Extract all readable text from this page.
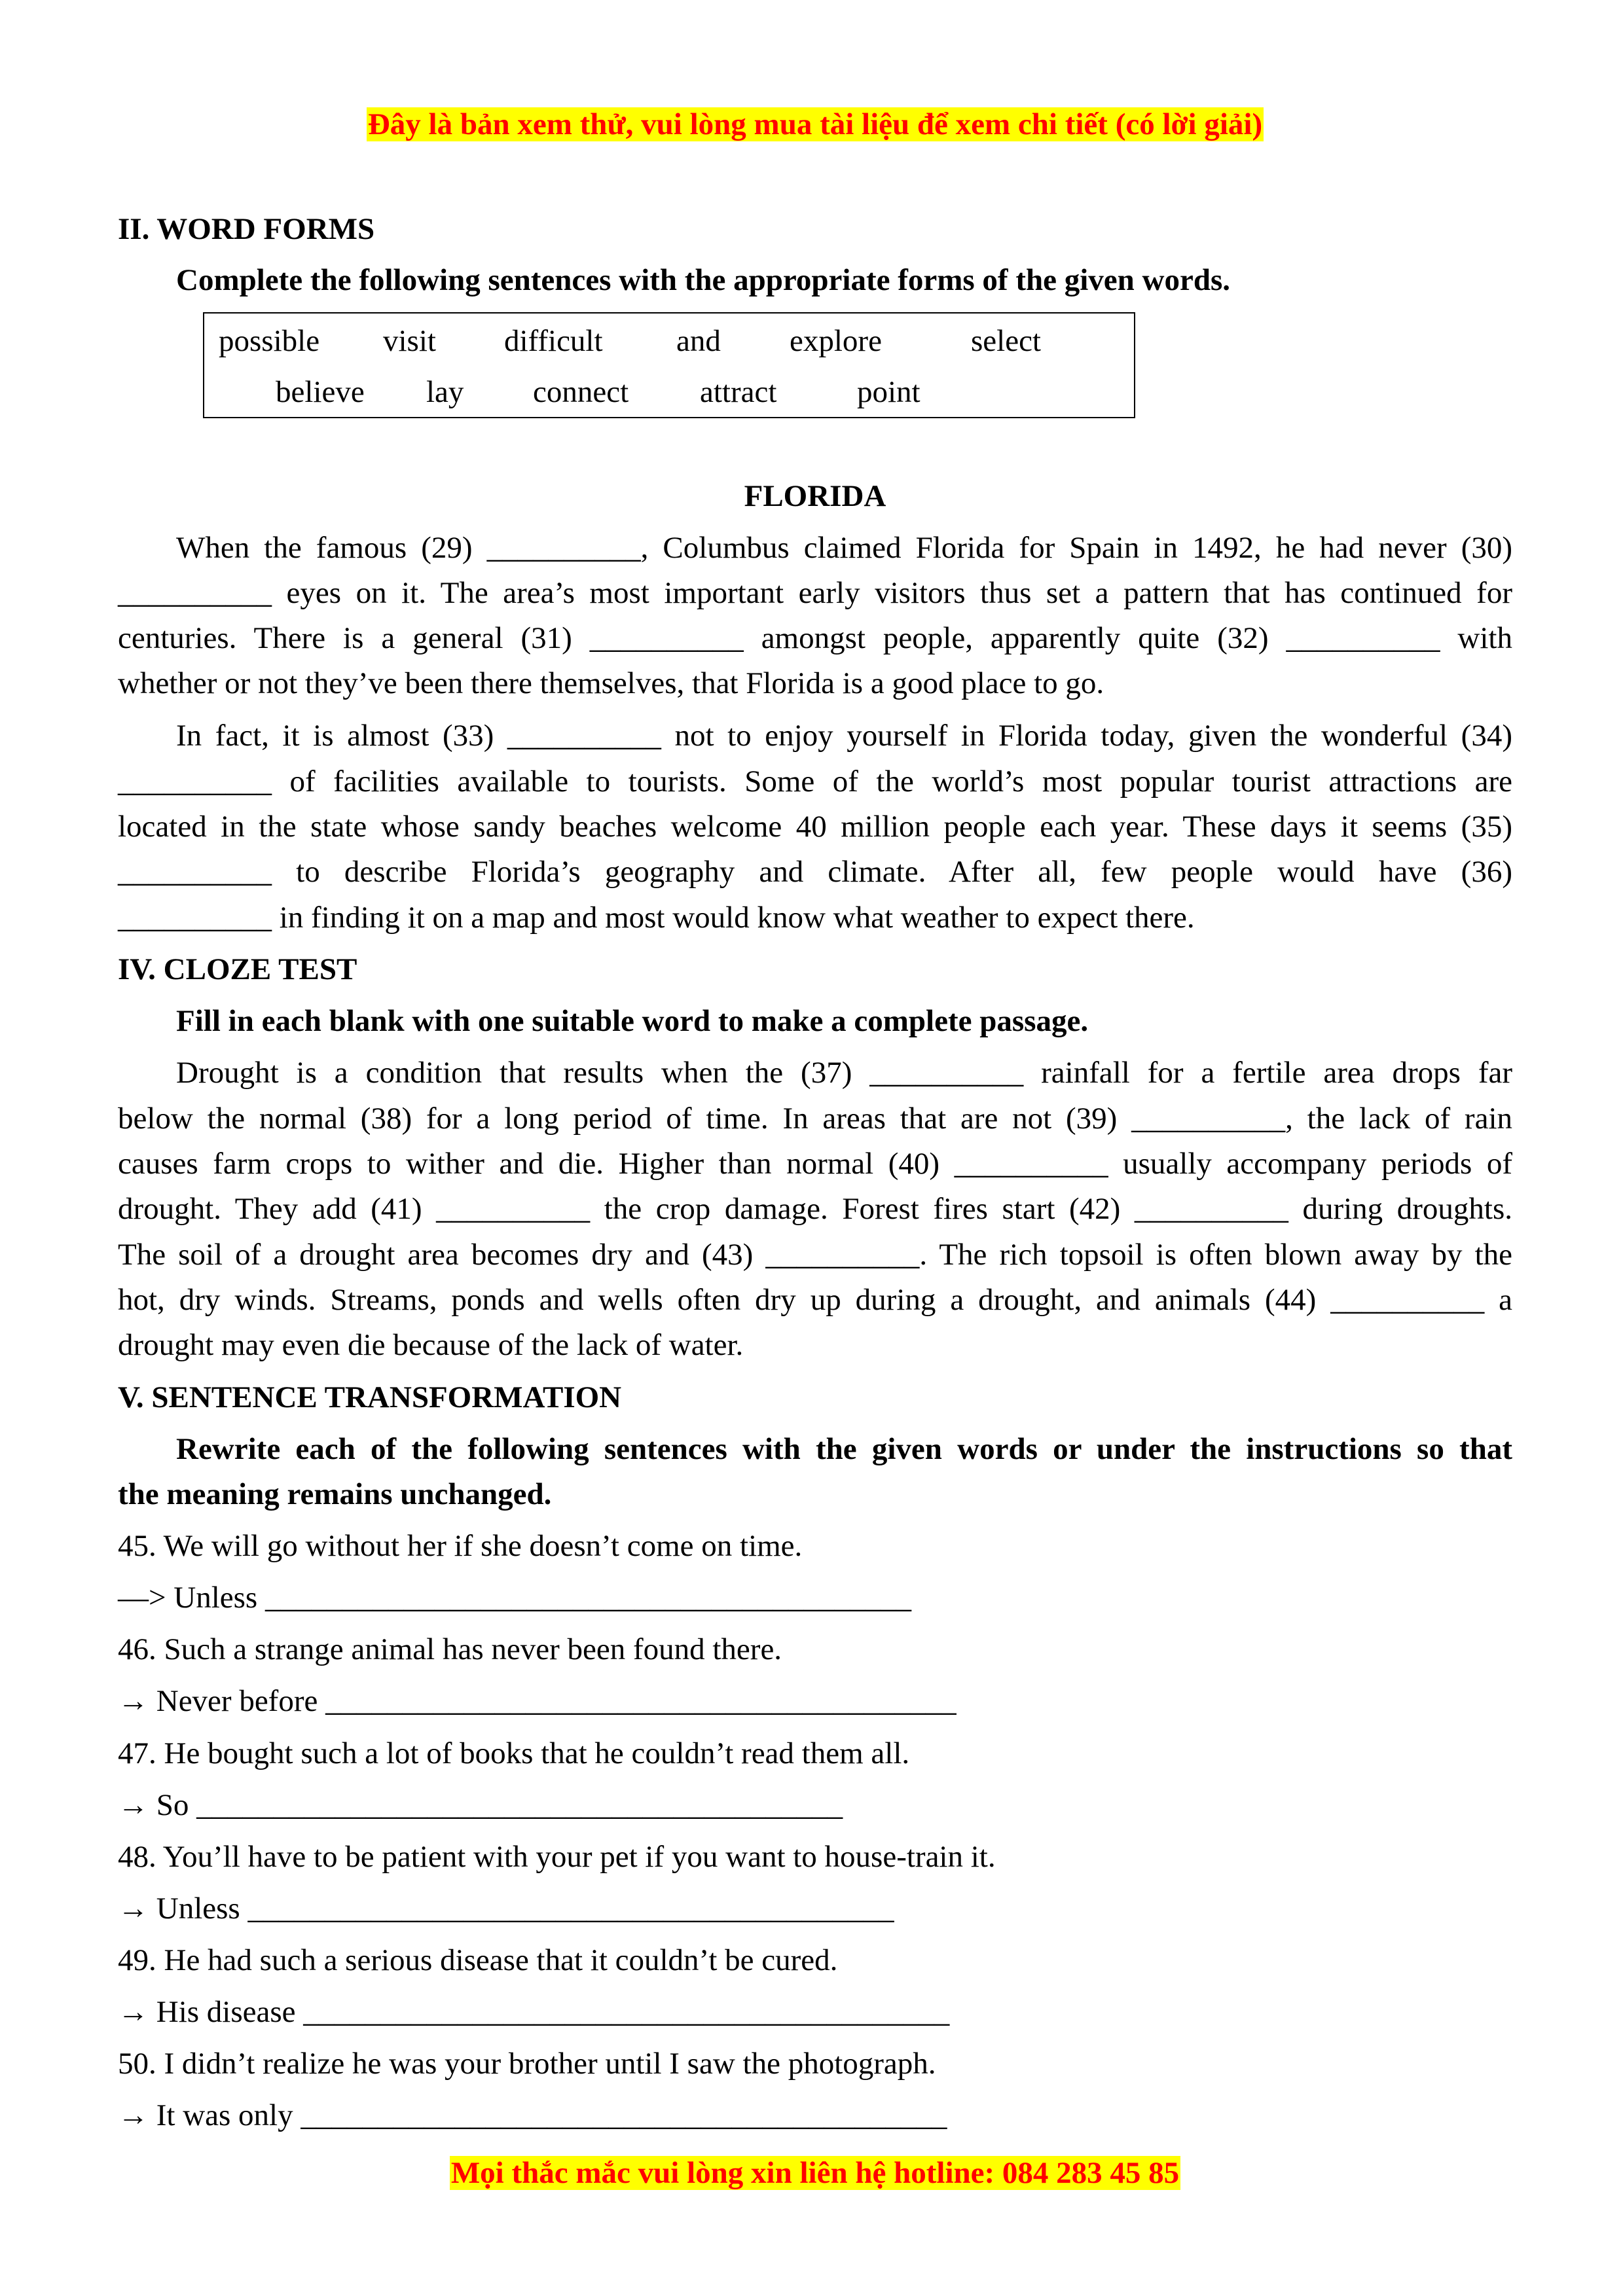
Đây là bản xem thử, vui lòng mua tài liệu để xem chi tiết (có lời giải)
II. WORD FORMS
Complete the following sentences with the appropriate forms of the given words.
possible visit difficult and explore	select
believe lay connect attract	point
FLORIDA
When the famous (29) __________, Columbus claimed Florida for Spain in 1492, he had never (30)
__________ eyes on it. The area’s most important early visitors thus set a pattern that has continued for
centuries. There is a general (31) __________ amongst people, apparently quite (32) __________ with
whether or not they’ve been there themselves, that Florida is a good place to go.
In fact, it is almost (33) __________ not to enjoy yourself in Florida today, given the wonderful (34)
__________ of facilities available to tourists. Some of the world’s most popular tourist attractions are
located in the state whose sandy beaches welcome 40 million people each year. These days it seems (35)
__________ to describe Florida’s geography and climate. After all, few people would have (36)
__________ in finding it on a map and most would know what weather to expect there.
IV. CLOZE TEST
Fill in each blank with one suitable word to make a complete passage.
Drought is a condition that results when the (37) __________ rainfall for a fertile area drops far
below the normal (38) for a long period of time. In areas that are not (39) __________, the lack of rain
causes farm crops to wither and die. Higher than normal (40) __________ usually accompany periods of
drought. They add (41) __________ the crop damage. Forest fires start (42) __________ during droughts.
The soil of a drought area becomes dry and (43) __________. The rich topsoil is often blown away by the
hot, dry winds. Streams, ponds and wells often dry up during a drought, and animals (44) __________ a
drought may even die because of the lack of water.
V. SENTENCE TRANSFORMATION
Rewrite each of the following sentences with the given words or under the instructions so that
the meaning remains unchanged.
45. We will go without her if she doesn’t come on time.
—> Unless __________________________________________
46. Such a strange animal has never been found there.
→ Never before _________________________________________
47. He bought such a lot of books that he couldn’t read them all.
→ So __________________________________________
48. You’ll have to be patient with your pet if you want to house-train it.
→ Unless __________________________________________
49. He had such a serious disease that it couldn’t be cured.
→ His disease __________________________________________
50. I didn’t realize he was your brother until I saw the photograph.
→ It was only __________________________________________
Mọi thắc mắc vui lòng xin liên hệ hotline: 084 283 45 85
